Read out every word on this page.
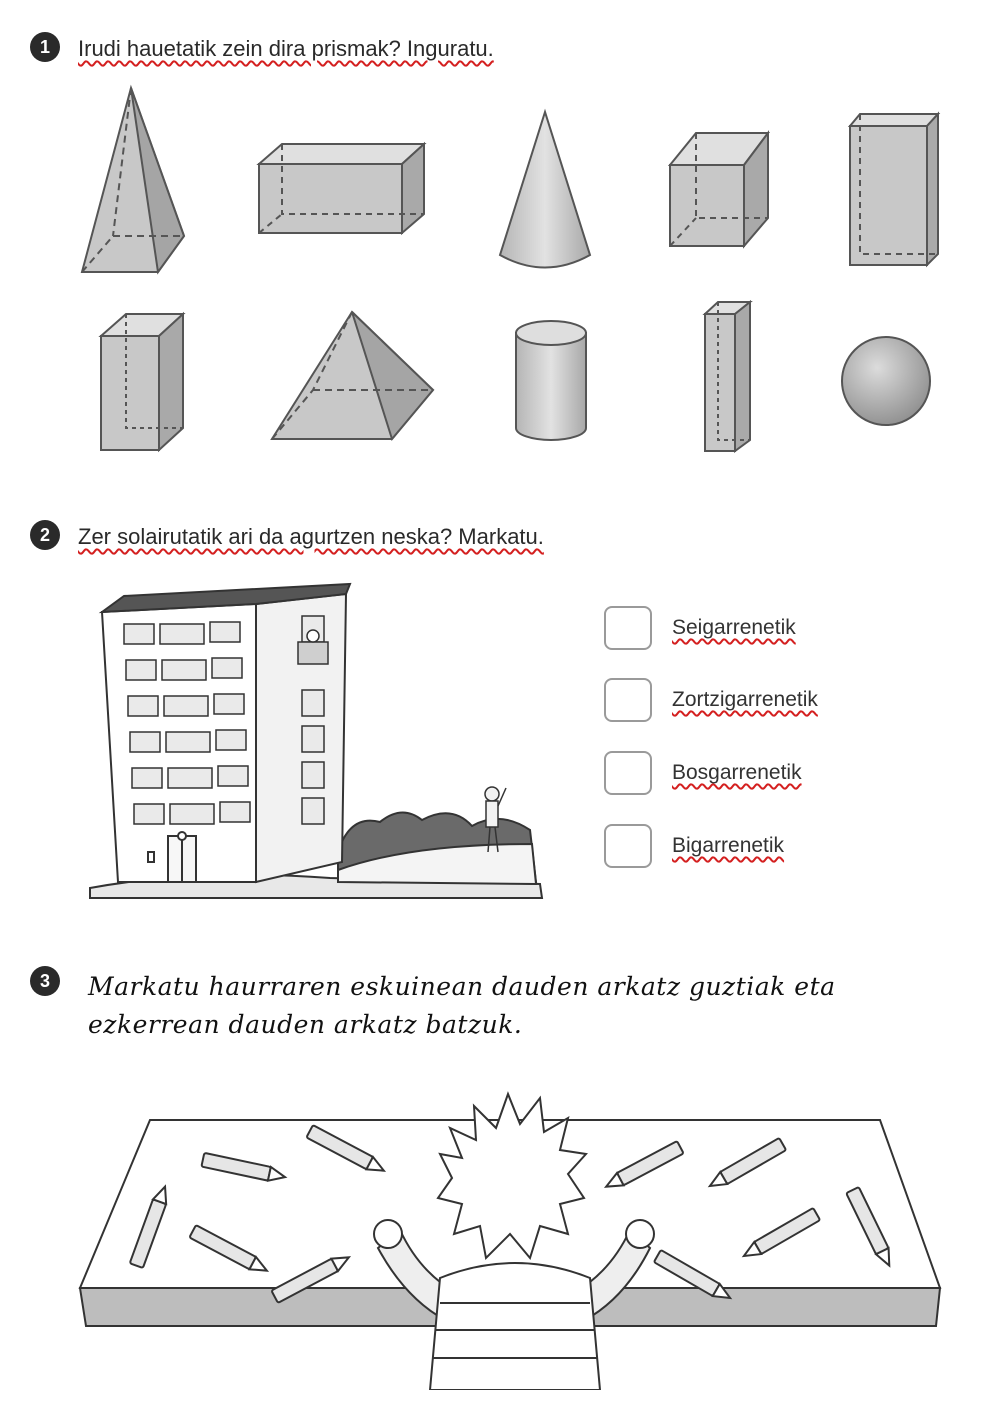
1	Irudi hauetatik zein dira prismak? Inguratu.
2	Zer solairutatik ari da agurtzen neska? Markatu.
Seigarrenetik
Zortzigarrenetik
Bosgarrenetik
Bigarrenetik
3	Markatu haurraren eskuinean dauden arkatz guztiak eta
ezkerrean dauden arkatz batzuk.
